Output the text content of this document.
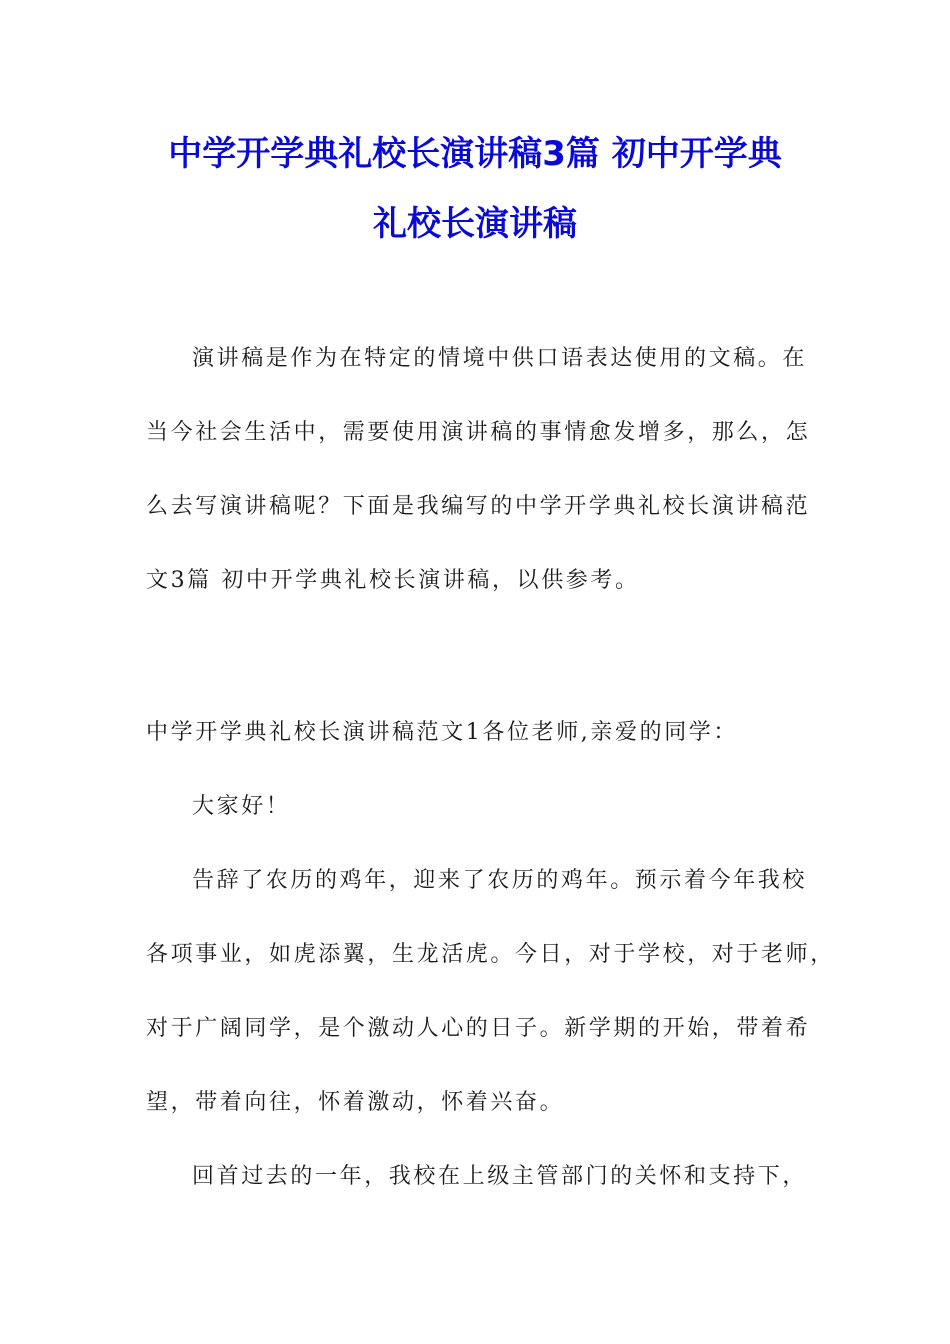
中学开学典礼校长演讲稿3篇 初中开学典
礼校长演讲稿
演讲稿是作为在特定的情境中供口语表达使用的文稿。在
当今社会生活中，需要使用演讲稿的事情愈发增多，那么，怎
么去写演讲稿呢？下面是我编写的中学开学典礼校长演讲稿范
文3篇 初中开学典礼校长演讲稿，以供参考。
中学开学典礼校长演讲稿范文1各位老师,亲爱的同学：
大家好！
告辞了农历的鸡年，迎来了农历的鸡年。预示着今年我校
各项事业，如虎添翼，生龙活虎。今日，对于学校，对于老师，
对于广阔同学，是个激动人心的日子。新学期的开始，带着希
望，带着向往，怀着激动，怀着兴奋。
回首过去的一年，我校在上级主管部门的关怀和支持下，
